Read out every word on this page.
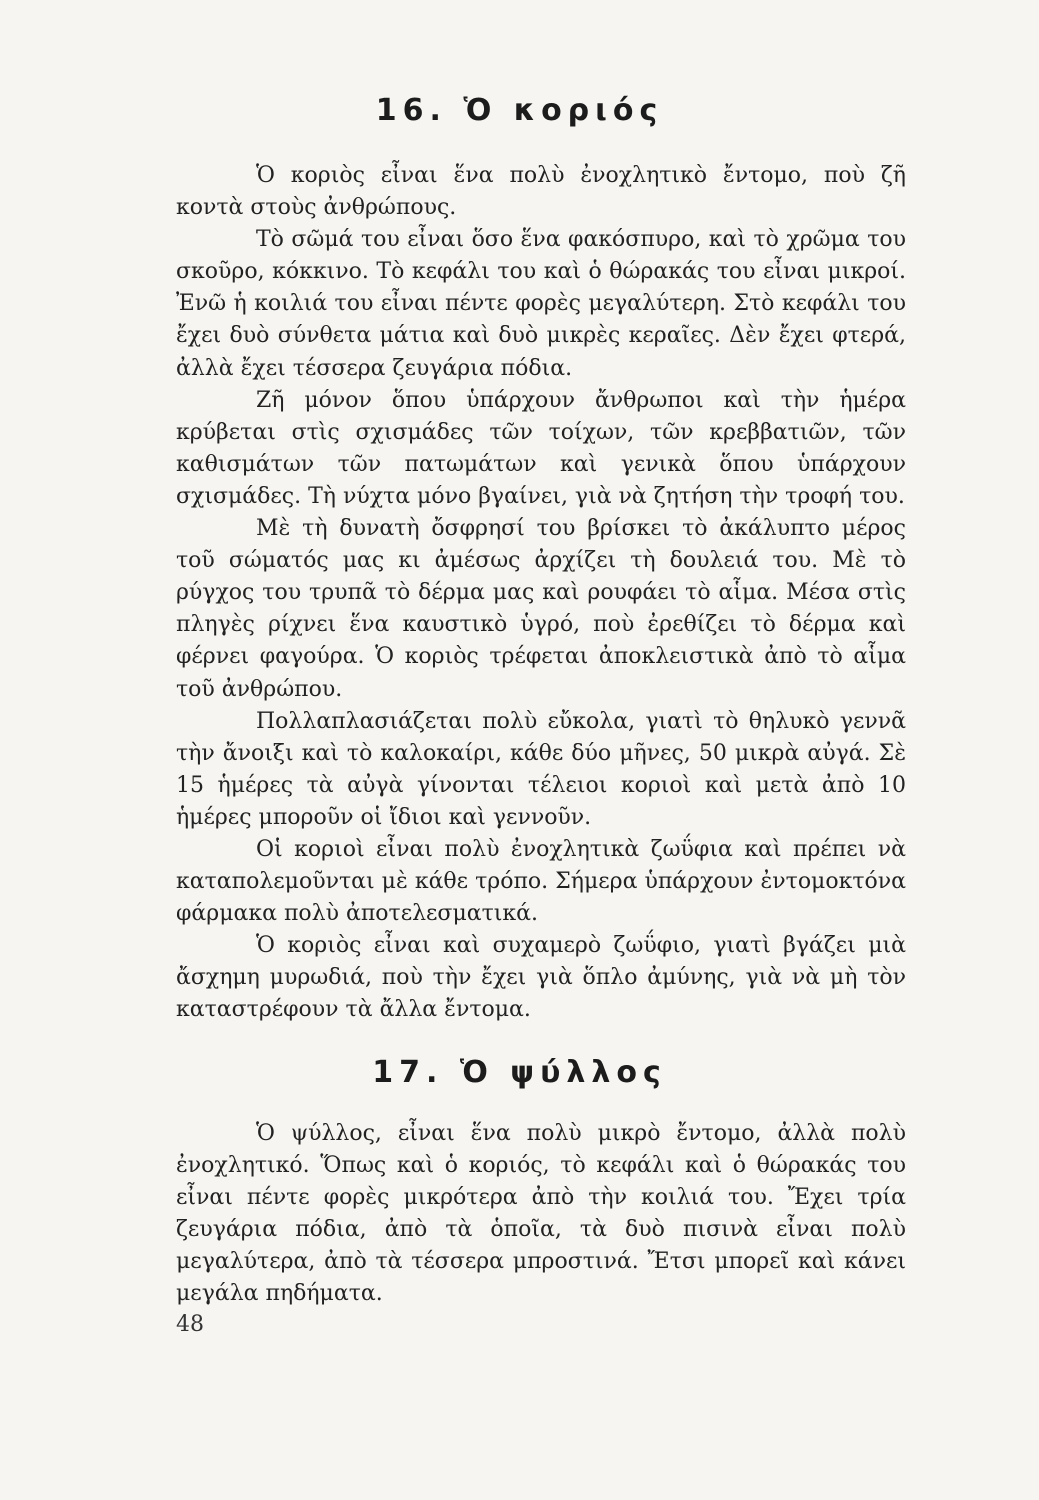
16. Ὁ κοριός

Ὁ κοριὸς εἶναι ἕνα πολὺ ἐνοχλητικὸ ἔντομο, ποὺ ζῆ κοντὰ στοὺς ἀνθρώπους.

Τὸ σῶμά του εἶναι ὅσο ἕνα φακόσπυρο, καὶ τὸ χρῶμα του σκοῦρο, κόκκινο. Τὸ κεφάλι του καὶ ὁ θώρακάς του εἶναι μικροί. Ἐνῶ ἡ κοιλιά του εἶναι πέντε φορὲς μεγαλύτερη. Στὸ κεφάλι του ἔχει δυὸ σύνθετα μάτια καὶ δυὸ μικρὲς κεραῖες. Δὲν ἔχει φτερά, ἀλλὰ ἔχει τέσσερα ζευγάρια πόδια.

Ζῆ μόνον ὅπου ὑπάρχουν ἄνθρωποι καὶ τὴν ἡμέρα κρύβεται στὶς σχισμάδες τῶν τοίχων, τῶν κρεββατιῶν, τῶν καθισμάτων τῶν πατωμάτων καὶ γενικὰ ὅπου ὑπάρχουν σχισμάδες. Τὴ νύχτα μόνο βγαίνει, γιὰ νὰ ζητήση τὴν τροφή του.

Μὲ τὴ δυνατὴ ὄσφρησί του βρίσκει τὸ ἀκάλυπτο μέρος τοῦ σώματός μας κι ἀμέσως ἀρχίζει τὴ δουλειά του. Μὲ τὸ ρύγχος του τρυπᾶ τὸ δέρμα μας καὶ ρουφάει τὸ αἷμα. Μέσα στὶς πληγὲς ρίχνει ἕνα καυστικὸ ὑγρό, ποὺ ἐρεθίζει τὸ δέρμα καὶ φέρνει φαγούρα. Ὁ κοριὸς τρέφεται ἀποκλειστικὰ ἀπὸ τὸ αἷμα τοῦ ἀνθρώπου.

Πολλαπλασιάζεται πολὺ εὔκολα, γιατὶ τὸ θηλυκὸ γεννᾶ τὴν ἄνοιξι καὶ τὸ καλοκαίρι, κάθε δύο μῆνες, 50 μικρὰ αὐγά. Σὲ 15 ἡμέρες τὰ αὐγὰ γίνονται τέλειοι κοριοὶ καὶ μετὰ ἀπὸ 10 ἡμέρες μποροῦν οἱ ἴδιοι καὶ γεννοῦν.

Οἱ κοριοὶ εἶναι πολὺ ἐνοχλητικὰ ζωΰφια καὶ πρέπει νὰ καταπολεμοῦνται μὲ κάθε τρόπο. Σήμερα ὑπάρχουν ἐντομοκτόνα φάρμακα πολὺ ἀποτελεσματικά.

Ὁ κοριὸς εἶναι καὶ συχαμερὸ ζωΰφιο, γιατὶ βγάζει μιὰ ἄσχημη μυρωδιά, ποὺ τὴν ἔχει γιὰ ὅπλο ἀμύνης, γιὰ νὰ μὴ τὸν καταστρέφουν τὰ ἄλλα ἔντομα.

17. Ὁ ψύλλος

Ὁ ψύλλος, εἶναι ἕνα πολὺ μικρὸ ἔντομο, ἀλλὰ πολὺ ἐνοχλητικό. Ὅπως καὶ ὁ κοριός, τὸ κεφάλι καὶ ὁ θώρακάς του εἶναι πέντε φορὲς μικρότερα ἀπὸ τὴν κοιλιά του. Ἔχει τρία ζευγάρια πόδια, ἀπὸ τὰ ὁποῖα, τὰ δυὸ πισινὰ εἶναι πολὺ μεγαλύτερα, ἀπὸ τὰ τέσσερα μπροστινά. Ἔτσι μπορεῖ καὶ κάνει μεγάλα πηδήματα.

48
